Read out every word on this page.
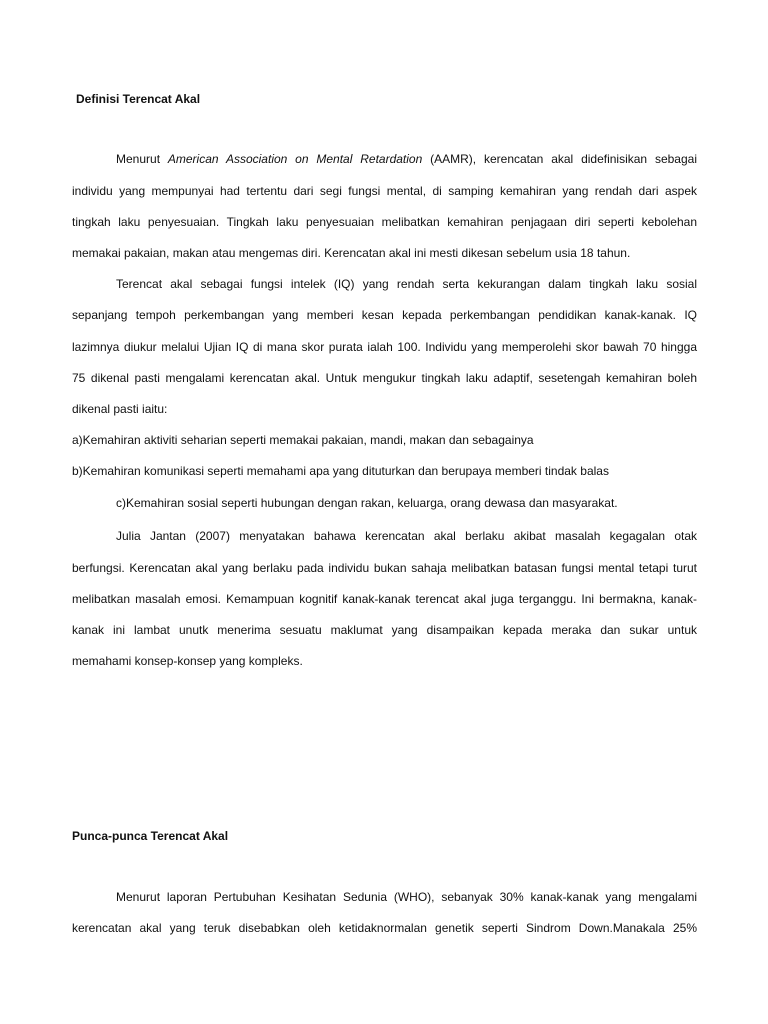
Definisi Terencat Akal
Menurut American Association on Mental Retardation (AAMR), kerencatan akal didefinisikan sebagai
individu yang mempunyai had tertentu dari segi fungsi mental, di samping kemahiran yang rendah dari aspek
tingkah laku penyesuaian. Tingkah laku penyesuaian melibatkan kemahiran penjagaan diri seperti kebolehan
memakai pakaian, makan atau mengemas diri. Kerencatan akal ini mesti dikesan sebelum usia 18 tahun.
Terencat akal sebagai fungsi intelek (IQ) yang rendah serta kekurangan dalam tingkah laku sosial
sepanjang tempoh perkembangan yang memberi kesan kepada perkembangan pendidikan kanak-kanak. IQ
lazimnya diukur melalui Ujian IQ di mana skor purata ialah 100. Individu yang memperolehi skor bawah 70 hingga
75 dikenal pasti mengalami kerencatan akal. Untuk mengukur tingkah laku adaptif, sesetengah kemahiran boleh
dikenal pasti iaitu:
a)Kemahiran aktiviti seharian seperti memakai pakaian, mandi, makan dan sebagainya
b)Kemahiran komunikasi seperti memahami apa yang dituturkan dan berupaya memberi tindak balas
c)Kemahiran sosial seperti hubungan dengan rakan, keluarga, orang dewasa dan masyarakat.
Julia Jantan (2007) menyatakan bahawa kerencatan akal berlaku akibat masalah kegagalan otak
berfungsi. Kerencatan akal yang berlaku pada individu bukan sahaja melibatkan batasan fungsi mental tetapi turut
melibatkan masalah emosi. Kemampuan kognitif kanak-kanak terencat akal juga terganggu. Ini bermakna, kanak-
kanak ini lambat unutk menerima sesuatu maklumat yang disampaikan kepada meraka dan sukar untuk
memahami konsep-konsep yang kompleks.
Punca-punca Terencat Akal
Menurut laporan Pertubuhan Kesihatan Sedunia (WHO), sebanyak 30% kanak-kanak yang mengalami
kerencatan akal yang teruk disebabkan oleh ketidaknormalan genetik seperti Sindrom Down.Manakala 25%
